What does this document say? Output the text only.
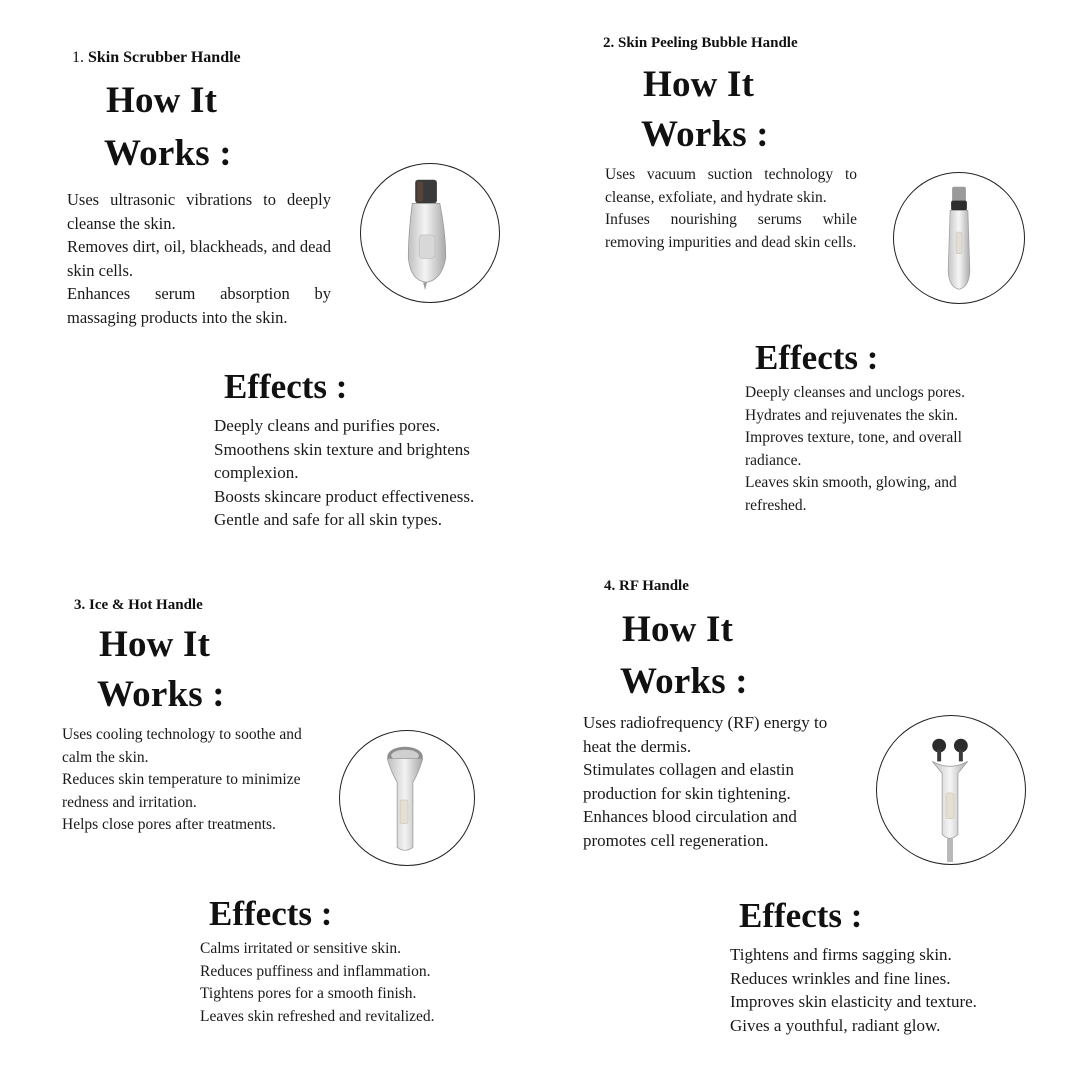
1. Skin Scrubber Handle
How It
Works :

Uses ultrasonic vibrations to deeply cleanse the skin.

Removes dirt, oil, blackheads, and dead skin cells.

Enhances serum absorption by massaging products into the skin.

Effects :

Deeply cleans and purifies pores.

Smoothens skin texture and brightens complexion.

Boosts skincare product effectiveness.

Gentle and safe for all skin types.

2. Skin Peeling Bubble Handle
How It
Works :

Uses vacuum suction technology to cleanse, exfoliate, and hydrate skin.

Infuses nourishing serums while removing impurities and dead skin cells.

Effects :

Deeply cleanses and unclogs pores.

Hydrates and rejuvenates the skin.

Improves texture, tone, and overall radiance.

Leaves skin smooth, glowing, and refreshed.

3. Ice & Hot Handle
How It
Works :

Uses cooling technology to soothe and calm the skin.

Reduces skin temperature to minimize redness and irritation.

Helps close pores after treatments.

Effects :

Calms irritated or sensitive skin.

Reduces puffiness and inflammation.

Tightens pores for a smooth finish.

Leaves skin refreshed and revitalized.

4. RF Handle
How It
Works :

Uses radiofrequency (RF) energy to heat the dermis.

Stimulates collagen and elastin production for skin tightening.

Enhances blood circulation and promotes cell regeneration.

Effects :

Tightens and firms sagging skin.

Reduces wrinkles and fine lines.

Improves skin elasticity and texture.

Gives a youthful, radiant glow.
